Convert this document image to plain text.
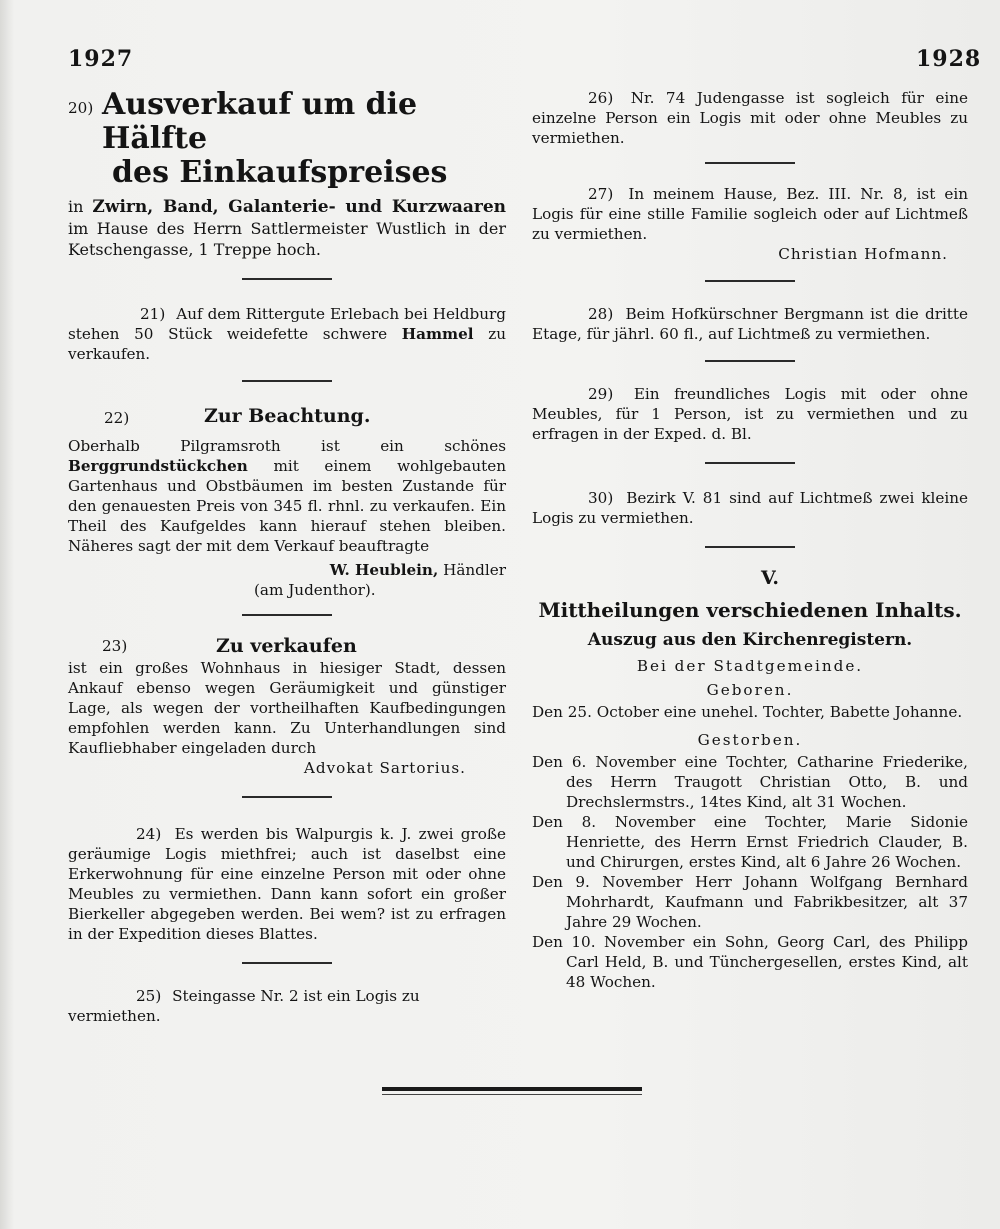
1927	1928
20) Ausverkauf um die Hälfte
des Einkaufspreises

in Zwirn, Band, Galanterie- und Kurzwaaren im Hause des Herrn Sattlermeister Wustlich in der Ketschengasse, 1 Treppe hoch.

21) Auf dem Rittergute Erlebach bei Heldburg stehen 50 Stück weidefette schwere Hammel zu verkaufen.

22)	Zur Beachtung.

Oberhalb Pilgramsroth ist ein schönes Berggrundstückchen mit einem wohlgebauten Gartenhaus und Obstbäumen im besten Zustande für den genauesten Preis von 345 fl. rhnl. zu verkaufen. Ein Theil des Kaufgeldes kann hierauf stehen bleiben. Näheres sagt der mit dem Verkauf beauftragte

W. Heublein, Händler

(am Judenthor).

23)	Zu verkaufen

ist ein großes Wohnhaus in hiesiger Stadt, dessen Ankauf ebenso wegen Geräumigkeit und günstiger Lage, als wegen der vortheilhaften Kaufbedingungen empfohlen werden kann. Zu Unterhandlungen sind Kaufliebhaber eingeladen durch

Advokat Sartorius.

24) Es werden bis Walpurgis k. J. zwei große geräumige Logis miethfrei; auch ist daselbst eine Erkerwohnung für eine einzelne Person mit oder ohne Meubles zu vermiethen. Dann kann sofort ein großer Bierkeller abgegeben werden. Bei wem? ist zu erfragen in der Expedition dieses Blattes.

25) Steingasse Nr. 2 ist ein Logis zu vermiethen.

26) Nr. 74 Judengasse ist sogleich für eine einzelne Person ein Logis mit oder ohne Meubles zu vermiethen.

27) In meinem Hause, Bez. III. Nr. 8, ist ein Logis für eine stille Familie sogleich oder auf Lichtmeß zu vermiethen.

Christian Hofmann.

28) Beim Hofkürschner Bergmann ist die dritte Etage, für jährl. 60 fl., auf Lichtmeß zu vermiethen.

29) Ein freundliches Logis mit oder ohne Meubles, für 1 Person, ist zu vermiethen und zu erfragen in der Exped. d. Bl.

30) Bezirk V. 81 sind auf Lichtmeß zwei kleine Logis zu vermiethen.

V.
Mittheilungen verschiedenen Inhalts.
Auszug aus den Kirchenregistern.
Bei der Stadtgemeinde.
Geboren.

Den 25. October eine unehel. Tochter, Babette Johanne.

Gestorben.

Den 6. November eine Tochter, Catharine Friederike, des Herrn Traugott Christian Otto, B. und Drechslermstrs., 14tes Kind, alt 31 Wochen.

Den 8. November eine Tochter, Marie Sidonie Henriette, des Herrn Ernst Friedrich Clauder, B. und Chirurgen, erstes Kind, alt 6 Jahre 26 Wochen.

Den 9. November Herr Johann Wolfgang Bernhard Mohrhardt, Kaufmann und Fabrikbesitzer, alt 37 Jahre 29 Wochen.

Den 10. November ein Sohn, Georg Carl, des Philipp Carl Held, B. und Tünchergesellen, erstes Kind, alt 48 Wochen.
